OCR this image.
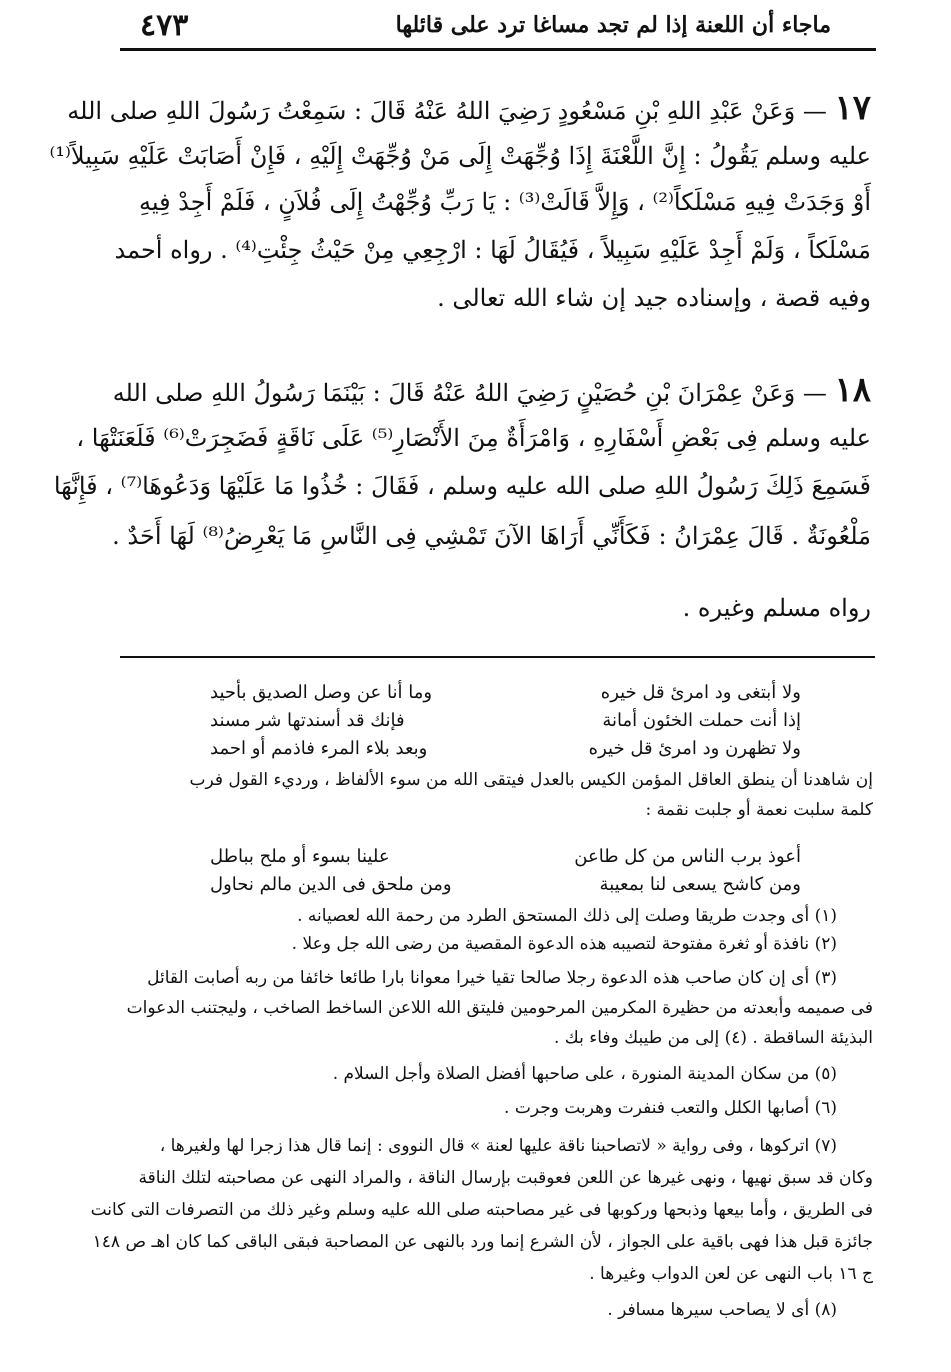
ماجاء أن اللعنة إذا لم تجد مساغا ترد على قائلها
٤٧٣
١٧ — وَعَنْ عَبْدِ اللهِ بْنِ مَسْعُودٍ رَضِيَ اللهُ عَنْهُ قَالَ : سَمِعْتُ رَسُولَ اللهِ صلى الله
عليه وسلم يَقُولُ : إِنَّ اللَّعْنَةَ إِذَا وُجِّهَتْ إِلَى مَنْ وُجِّهَتْ إِلَيْهِ ، فَإِنْ أَصَابَتْ عَلَيْهِ سَبِيلاً⁽¹⁾
أَوْ وَجَدَتْ فِيهِ مَسْلَكاً⁽²⁾ ، وَإِلاَّ قَالَتْ⁽³⁾ : يَا رَبِّ وُجِّهْتُ إِلَى فُلاَنٍ ، فَلَمْ أَجِدْ فِيهِ
مَسْلَكاً ، وَلَمْ أَجِدْ عَلَيْهِ سَبِيلاً ، فَيُقَالُ لَهَا : ارْجِعِي مِنْ حَيْثُ جِئْتِ⁽⁴⁾ . رواه أحمد
وفيه قصة ، وإسناده جيد إن شاء الله تعالى .
١٨ — وَعَنْ عِمْرَانَ بْنِ حُصَيْنٍ رَضِيَ اللهُ عَنْهُ قَالَ : بَيْنَمَا رَسُولُ اللهِ صلى الله
عليه وسلم فِى بَعْضِ أَسْفَارِهِ ، وَامْرَأَةٌ مِنَ الأَنْصَارِ⁽⁵⁾ عَلَى نَاقَةٍ فَضَجِرَتْ⁽⁶⁾ فَلَعَنَتْهَا ،
فَسَمِعَ ذَلِكَ رَسُولُ اللهِ صلى الله عليه وسلم ، فَقَالَ : خُذُوا مَا عَلَيْهَا وَدَعُوهَا⁽⁷⁾ ، فَإِنَّهَا
مَلْعُونَةٌ . قَالَ عِمْرَانُ : فَكَأَنِّي أَرَاهَا الآنَ تَمْشِي فِى النَّاسِ مَا يَعْرِضُ⁽⁸⁾ لَهَا أَحَدٌ .
رواه مسلم وغيره .
ولا أبتغى ود امرئ قل خيره
وما أنا عن وصل الصديق بأحيد
إذا أنت حملت الخئون أمانة
فإنك قد أسندتها شر مسند
ولا تظهرن ود امرئ قل خيره
وبعد بلاء المرء فاذمم أو احمد
إن شاهدنا أن ينطق العاقل المؤمن الكيس بالعدل فيتقى الله من سوء الألفاظ ، ورديء القول فرب
كلمة سلبت نعمة أو جلبت نقمة :
أعوذ برب الناس من كل طاعن
علينا بسوء أو ملح بباطل
ومن كاشح يسعى لنا بمعيبة
ومن ملحق فى الدين مالم نحاول
(١) أى وجدت طريقا وصلت إلى ذلك المستحق الطرد من رحمة الله لعصيانه .
(٢) نافذة أو ثغرة مفتوحة لتصيبه هذه الدعوة المقصية من رضى الله جل وعلا .
(٣) أى إن كان صاحب هذه الدعوة رجلا صالحا تقيا خيرا معوانا بارا طائعا خائفا من ربه أصابت القائل
فى صميمه وأبعدته من حظيرة المكرمين المرحومين فليتق الله اللاعن الساخط الصاخب ، وليجتنب الدعوات
البذيئة الساقطة . (٤) إلى من طيبك وفاء بك .
(٥) من سكان المدينة المنورة ، على صاحبها أفضل الصلاة وأجل السلام .
(٦) أصابها الكلل والتعب فنفرت وهربت وجرت .
(٧) اتركوها ، وفى رواية « لاتصاحبنا ناقة عليها لعنة » قال النووى : إنما قال هذا زجرا لها ولغيرها ،
وكان قد سبق نهيها ، ونهى غيرها عن اللعن فعوقبت بإرسال الناقة ، والمراد النهى عن مصاحبته لتلك الناقة
فى الطريق ، وأما بيعها وذبحها وركوبها فى غير مصاحبته صلى الله عليه وسلم وغير ذلك من التصرفات التى كانت
جائزة قبل هذا فهى باقية على الجواز ، لأن الشرع إنما ورد بالنهى عن المصاحبة فبقى الباقى كما كان اهـ ص ١٤٨
ج ١٦ باب النهى عن لعن الدواب وغيرها .
(٨) أى لا يصاحب سيرها مسافر .
